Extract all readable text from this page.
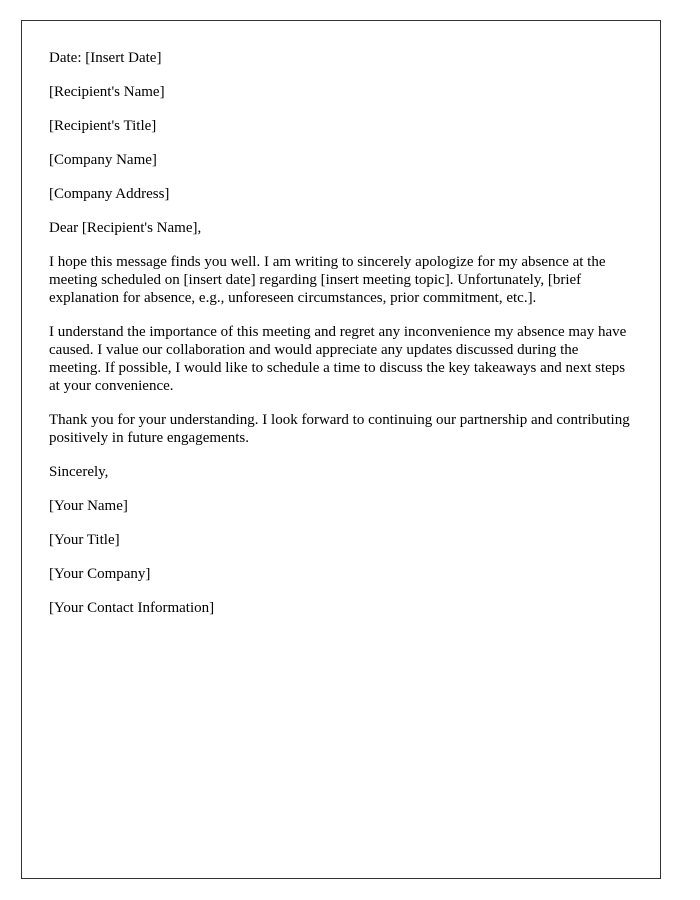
Date: [Insert Date]

[Recipient's Name]

[Recipient's Title]

[Company Name]

[Company Address]

Dear [Recipient's Name],

I hope this message finds you well. I am writing to sincerely apologize for my absence at the meeting scheduled on [insert date] regarding [insert meeting topic]. Unfortunately, [brief explanation for absence, e.g., unforeseen circumstances, prior commitment, etc.].

I understand the importance of this meeting and regret any inconvenience my absence may have caused. I value our collaboration and would appreciate any updates discussed during the meeting. If possible, I would like to schedule a time to discuss the key takeaways and next steps at your convenience.

Thank you for your understanding. I look forward to continuing our partnership and contributing positively in future engagements.

Sincerely,

[Your Name]

[Your Title]

[Your Company]

[Your Contact Information]
